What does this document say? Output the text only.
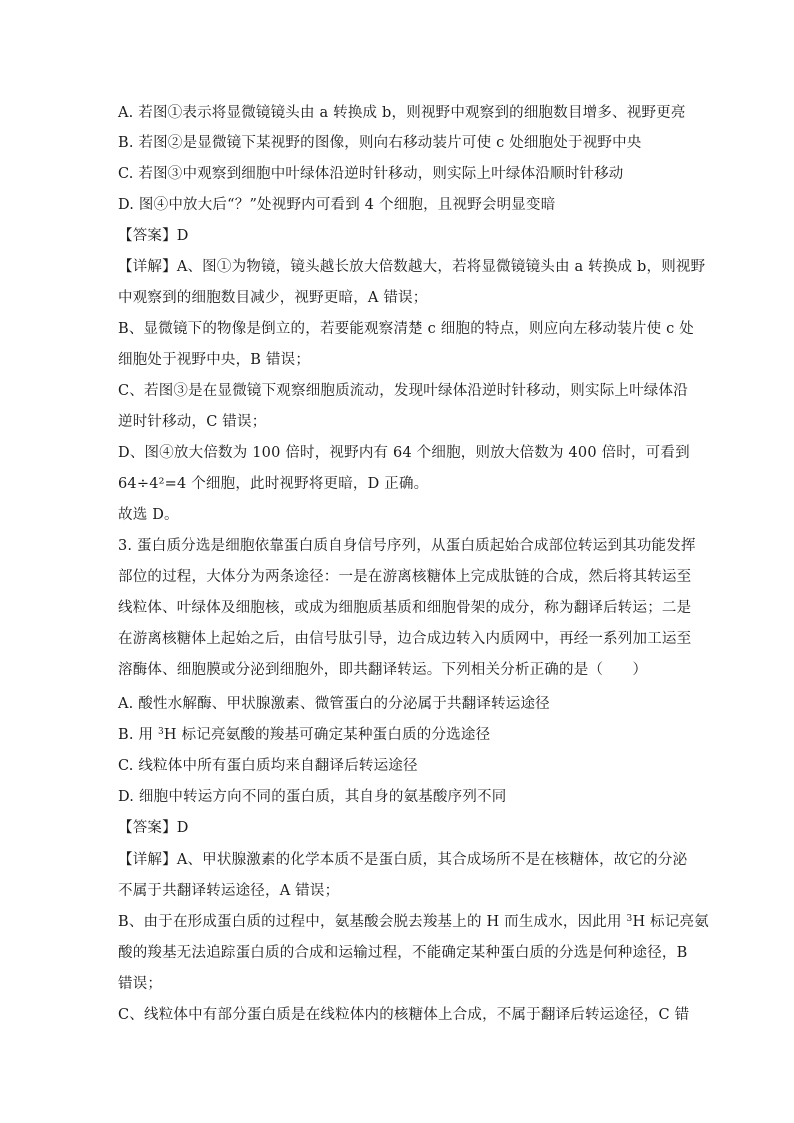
A. 若图①表示将显微镜镜头由 a 转换成 b，则视野中观察到的细胞数目增多、视野更亮
B. 若图②是显微镜下某视野的图像，则向右移动装片可使 c 处细胞处于视野中央
C. 若图③中观察到细胞中叶绿体沿逆时针移动，则实际上叶绿体沿顺时针移动
D. 图④中放大后“？”处视野内可看到 4 个细胞，且视野会明显变暗
【答案】D
【详解】A、图①为物镜，镜头越长放大倍数越大，若将显微镜镜头由 a 转换成 b，则视野
中观察到的细胞数目减少，视野更暗，A 错误；
B、显微镜下的物像是倒立的，若要能观察清楚 c 细胞的特点，则应向左移动装片使 c 处
细胞处于视野中央，B 错误；
C、若图③是在显微镜下观察细胞质流动，发现叶绿体沿逆时针移动，则实际上叶绿体沿
逆时针移动，C 错误；
D、图④放大倍数为 100 倍时，视野内有 64 个细胞，则放大倍数为 400 倍时，可看到
64÷4²=4 个细胞，此时视野将更暗，D 正确。
故选 D。
3. 蛋白质分选是细胞依靠蛋白质自身信号序列，从蛋白质起始合成部位转运到其功能发挥
部位的过程，大体分为两条途径：一是在游离核糖体上完成肽链的合成，然后将其转运至
线粒体、叶绿体及细胞核，或成为细胞质基质和细胞骨架的成分，称为翻译后转运；二是
在游离核糖体上起始之后，由信号肽引导，边合成边转入内质网中，再经一系列加工运至
溶酶体、细胞膜或分泌到细胞外，即共翻译转运。下列相关分析正确的是（　　）
A. 酸性水解酶、甲状腺激素、微管蛋白的分泌属于共翻译转运途径
B. 用 $^3$H 标记亮氨酸的羧基可确定某种蛋白质的分选途径
C. 线粒体中所有蛋白质均来自翻译后转运途径
D. 细胞中转运方向不同的蛋白质，其自身的氨基酸序列不同
【答案】D
【详解】A、甲状腺激素的化学本质不是蛋白质，其合成场所不是在核糖体，故它的分泌
不属于共翻译转运途径，A 错误；
B、由于在形成蛋白质的过程中，氨基酸会脱去羧基上的 H 而生成水，因此用 $^3$H 标记亮氨
酸的羧基无法追踪蛋白质的合成和运输过程，不能确定某种蛋白质的分选是何种途径，B
错误；
C、线粒体中有部分蛋白质是在线粒体内的核糖体上合成，不属于翻译后转运途径，C 错
